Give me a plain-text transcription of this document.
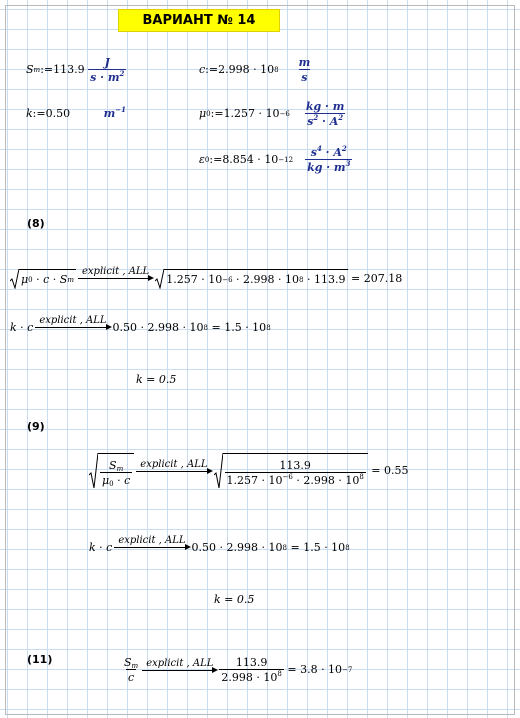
ВАРИАНТ № 14
S m := 113.9
$\frac{J}{s \cdot m^2}$	c := 2.998 · 10 $8 \frac{m}{s}$
k:=0.50	$m^{-1}$	μ 0 := $1.257 \cdot 10 -6 \frac{kg \cdot m}{s^2 \cdot A^2}$
ε 0 := $8.854 \cdot 10 -12 \frac{s^4 \cdot A^2}{kg \cdot m^3}$
(8)
μ 0 · c · S m
explicit , ALL
1.257 · 10 −6 · 2.998 · 10 8 · 113.9 = 207.18
k · c explicit , ALL 0.50 · 2.998 · 10 8 = 1.5 · 10 8
k = 0.5
(9)
$\frac{S_m}{\mu_0 \cdot c}$ explicit , ALL	$\frac{113.9}{1.257 \cdot 10^{-6} \cdot 2.998 \cdot 10^8} = 0.55$
k · c explicit , ALL 0.50 · 2.998 · 10 8 = 1.5 · 10 8
k = 0.5
(11)	$\frac{S_m}{c}$ explicit , ALL $\frac{113.9}{2.998 \cdot 10^8} = 3.8 \cdot 10 -7$
